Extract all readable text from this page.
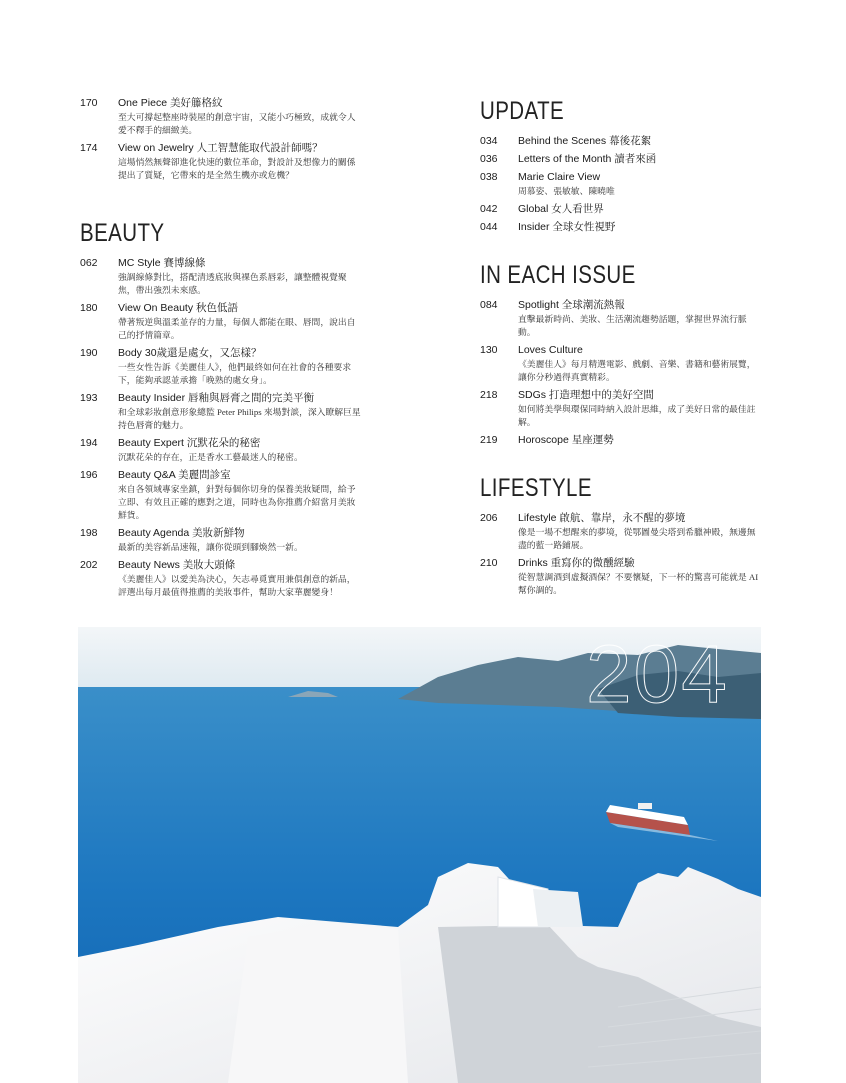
170 One Piece 美好籐格紋
至大可撐起整座時裝屋的創意宇宙，又能小巧極致，成就令人愛不釋手的細緻美。
174 View on Jewelry 人工智慧能取代設計師嗎？
這場悄然無聲卻進化快速的數位革命，對設計及想像力的關係提出了質疑，它帶來的是全然生機亦或危機？
BEAUTY
062 MC Style 賽博線條
強調線條對比，搭配清透底妝與裸色系唇彩，讓整體視覺聚焦，帶出強烈未來感。
180 View On Beauty 秋色低語
帶著叛逆與溫柔並存的力量，每個人都能在眼、唇間，說出自己的抒情篇章。
190 Body 30歲還是處女，又怎樣？
一些女性告訴《美麗佳人》，他們最終如何在社會的各種要求下，能夠承認並承擔「晚熟的處女身」。
193 Beauty Insider 唇釉與唇膏之間的完美平衡
和全球彩妝創意形象總監 Peter Philips 來場對談，深入瞭解巨星持色唇膏的魅力。
194 Beauty Expert 沉默花朵的秘密
沉默花朵的存在，正是香水工藝最迷人的秘密。
196 Beauty Q&A 美麗問診室
來自各領域專家坐鎮，針對每個你切身的保養美妝疑問，給予立即、有效且正確的應對之道，同時也為你推薦介紹當月美妝鮮貨。
198 Beauty Agenda 美妝新鮮物
最新的美容新品速報，讓你從頭到腳煥然一新。
202 Beauty News 美妝大頭條
《美麗佳人》以愛美為決心，矢志尋覓實用兼俱創意的新品，評選出每月最值得推薦的美妝事件，幫助大家華麗變身！
UPDATE
034 Behind the Scenes 幕後花絮
036 Letters of the Month 讀者來函
038 Marie Claire View
周慕姿、張敏敏、陳曉唯
042 Global 女人看世界
044 Insider 全球女性視野
IN EACH ISSUE
084 Spotlight 全球潮流熱報
直擊最新時尚、美妝、生活潮流趨勢話題，掌握世界流行脈動。
130 Loves Culture
《美麗佳人》每月精選電影、戲劇、音樂、書籍和藝術展覽，讓你分秒過得真實精彩。
218 SDGs 打造理想中的美好空間
如何將美學與環保同時納入設計思維，成了美好日常的最佳註解。
219 Horoscope 星座運勢
LIFESTYLE
206 Lifestyle 啟航、靠岸，永不醒的夢境
像是一場不想醒來的夢境，從鄂圖曼尖塔到希臘神殿，無邊無盡的藍一路鋪展。
210 Drinks 重寫你的微醺經驗
從智慧調酒到虛擬酒保？不要懷疑，下一杯的驚喜可能就是 AI 幫你調的。
204
